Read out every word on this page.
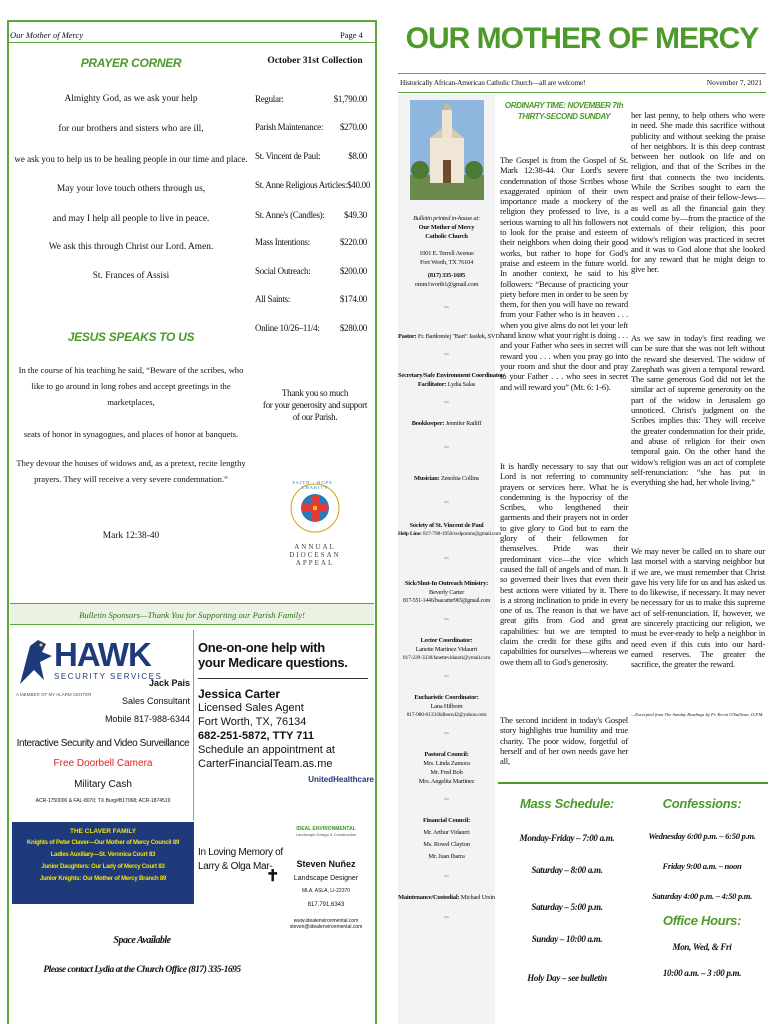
Our Mother of Mercy	Page 4
PRAYER CORNER
Almighty God, as we ask your help
for our brothers and sisters who are ill,
we ask you to help us to be healing people in our time and place.
May your love touch others through us,
and may I help all people to live in peace.
We ask this through Christ our Lord. Amen.
St. Frances of Assisi
JESUS SPEAKS TO US
In the course of his teaching he said, “Beware of the scribes, who
like to go around in long robes and accept greetings in the
marketplaces,
seats of honor in synagogues, and places of honor at banquets.
They devour the houses of widows and, as a pretext, recite lengthy
prayers. They will receive a very severe condemnation.”
Mark 12:38-40
October 31st Collection
Regular:	$1,790.00
Parish Maintenance: $270.00
St. Vincent de Paul:	$8.00
St. Anne Religious Articles: $40.00
St. Anne's (Candles): $49.30
Mass Intentions:	$220.00
Social Outreach:	$200.00
All Saints:	$174.00
Online 10/26–11/4: $280.00
Thank you so much
for your generosity and support
of our Parish.
FAITH · HOPE · CHARITY
ANNUAL
DIOCESAN
APPEAL
Bulletin Sponsors—Thank You for Supporting our Parish Family!
HAWK
SECURITY SERVICES
A MEMBER OF MY ALARM CENTER
Jack Pais
Sales Consultant
Mobile 817-988-6344
Interactive Security and Video Surveillance
Free Doorbell Camera
Military Cash
ACR-1750000 & FAL-8070; TX Burg#B17968; ACR-1874519
One-on-one help with
your Medicare questions.
Jessica Carter
Licensed Sales Agent
Fort Worth, TX, 76134
682-251-5872, TTY 711
Schedule an appointment at
CarterFinancialTeam.as.me
UnitedHealthcare
THE CLAVER FAMILY
Knights of Peter Claver—Our Mother of Mercy Council 89
Ladies Auxiliary—St. Veronica Court 83
Junior Daughters: Our Lady of Mercy Court 83
Junior Knights: Our Mother of Mercy Branch 89
In Loving Memory of
Larry & Olga Mar-
✝
IDEAL ENVIRONMENTAL
Landscape Design & Construction
Steven Nuñez
Landscape Designer
MLA, ASLA, LI-22370
817.791.6343
www.idealenvironmental.com
steven@idealenvironmental.com
Space Available
Please contact Lydia at the Church Office (817) 335-1695
OUR MOTHER OF MERCY
Historically African-American Catholic Church—all are welcome!	November 7, 2021
Bulletin printed in-house at:
Our Mother of Mercy
Catholic Church
1001 E. Terrell Avenue
Fort Worth, TX 76104
(817) 335-1695
omm1worth1@gmail.com
⇔
Pastor: Fr. Bartłomiej "Bart" Jasiłek, SVD
⇔
Secretary/Safe Environment Coordinator/
Facilitator: Lydia Salas
⇔
Bookkeeper: Jennifer Ratliff
⇔
Musician: Zenobia Collins
⇔
Society of St. Vincent de Paul
Help Line: 817-798-1950/svdpomm@gmail.com
⇔
Sick/Shut-In Outreach Ministry:
Beverly Carter
817-551-1446/bsacarter965@gmail.com
⇔
Lector Coordinator:
Lanette Martinez Vidaurri
817-229-3338/lanettevidaurri@ymail.com
⇔
Eucharistic Coordinator:
Lana Hilborn
817-980-0133/lhilborn42@yahoo.com
⇔
Pastoral Council:
Mrs. Linda Zamora
Mr. Fred Bob
Mrs. Angelita Martinez
⇔
Financial Council:
Mr. Arthur Vidaurri
Ms. Rowel Clayton
Mr. Juan Ibarra
⇔
Maintenance/Custodial: Michael Ursin
⇔
ORDINARY TIME: NOVEMBER 7th
THIRTY-SECOND SUNDAY
The Gospel is from the Gospel of St. Mark 12:38-44. Our Lord's severe condemnation of those Scribes whose exaggerated opinion of their own importance made a mockery of the religion they professed to live, is a serious warning to all his followers not to look for the praise and esteem of their neighbors when doing their good works, but rather to hope for God's praise and esteem in the future world. In another context, he said to his followers: “Because of practicing your piety before men in order to be seen by them, for then you will have no reward from your Father who is in heaven . . . when you give alms do not let your left hand know what your right is doing . . . and your Father who sees in secret will reward you . . . when you pray go into your room and shut the door and pray to your Father . . . who sees in secret and will reward you” (Mt. 6: 1-6).
It is hardly necessary to say that our Lord is not referring to community prayers or services here. What he is condemning is the hypocrisy of the Scribes, who lengthened their garments and their prayers not in order to give glory to God but to earn the glory of their fellowmen for themselves. Pride was their predominant vice—the vice which caused the fall of angels and of man. It so governed their lives that even their best actions were vitiated by it. There is a strong inclination to pride in every one of us. The reason is that we have great gifts from God and great capabilities: but we are tempted to claim the credit for these gifts and capabilities for ourselves—whereas we owe them all to God's generosity.
The second incident in today's Gospel story highlights true humility and true charity. The poor widow, forgetful of herself and of her own needs gave her all,
her last penny, to help others who were in need. She made this sacrifice without publicity and without seeking the praise of her neighbors. It is this deep contrast between her outlook on life and on religion, and that of the Scribes in the first that connects the two incidents. While the Scribes sought to earn the respect and praise of their fellow-Jews—as well as all the financial gain they could come by—from the practice of the externals of their religion, this poor widow's religion was practiced in secret and it was to God alone that she looked for any reward that he might deign to give her.
As we saw in today's first reading we can be sure that she was not left without the reward she deserved. The widow of Zarephath was given a temporal reward. The same generous God did not let the similar act of supreme generosity on the part of the widow in Jerusalem go unnoticed. Christ's judgment on the Scribes implies this: They will receive the greater condemnation for their pride, and abuse of religion for their own temporal gain. On the other hand the widow's religion was an act of complete self-renunciation: “she has put in everything she had, her whole living.”
We may never be called on to share our last morsel with a starving neighbor but if we are, we must remember that Christ gave his very life for us and has asked us to do likewise, if necessary. It may never be necessary for us to make this supreme act of self-renunciation. If, however, we are sincerely practicing our religion, we must be ever-ready to help a neighbor in need even if this cuts into our hard-earned reserves. The greater the sacrifice, the greater the reward.
—Excerpted from The Sunday Readings by Fr. Kevin O'Sullivan, O.F.M.
Mass Schedule:
Monday-Friday – 7:00 a.m.
Saturday – 8:00 a.m.
Saturday – 5:00 p.m.
Sunday – 10:00 a.m.
Holy Day – see bulletin
Confessions:
Wednesday 6:00 p.m. – 6:50 p.m.
Friday 9:00 a.m. – noon
Saturday 4:00 p.m. – 4:50 p.m.
Office Hours:
Mon, Wed, & Fri
10:00 a.m. – 3 :00 p.m.
